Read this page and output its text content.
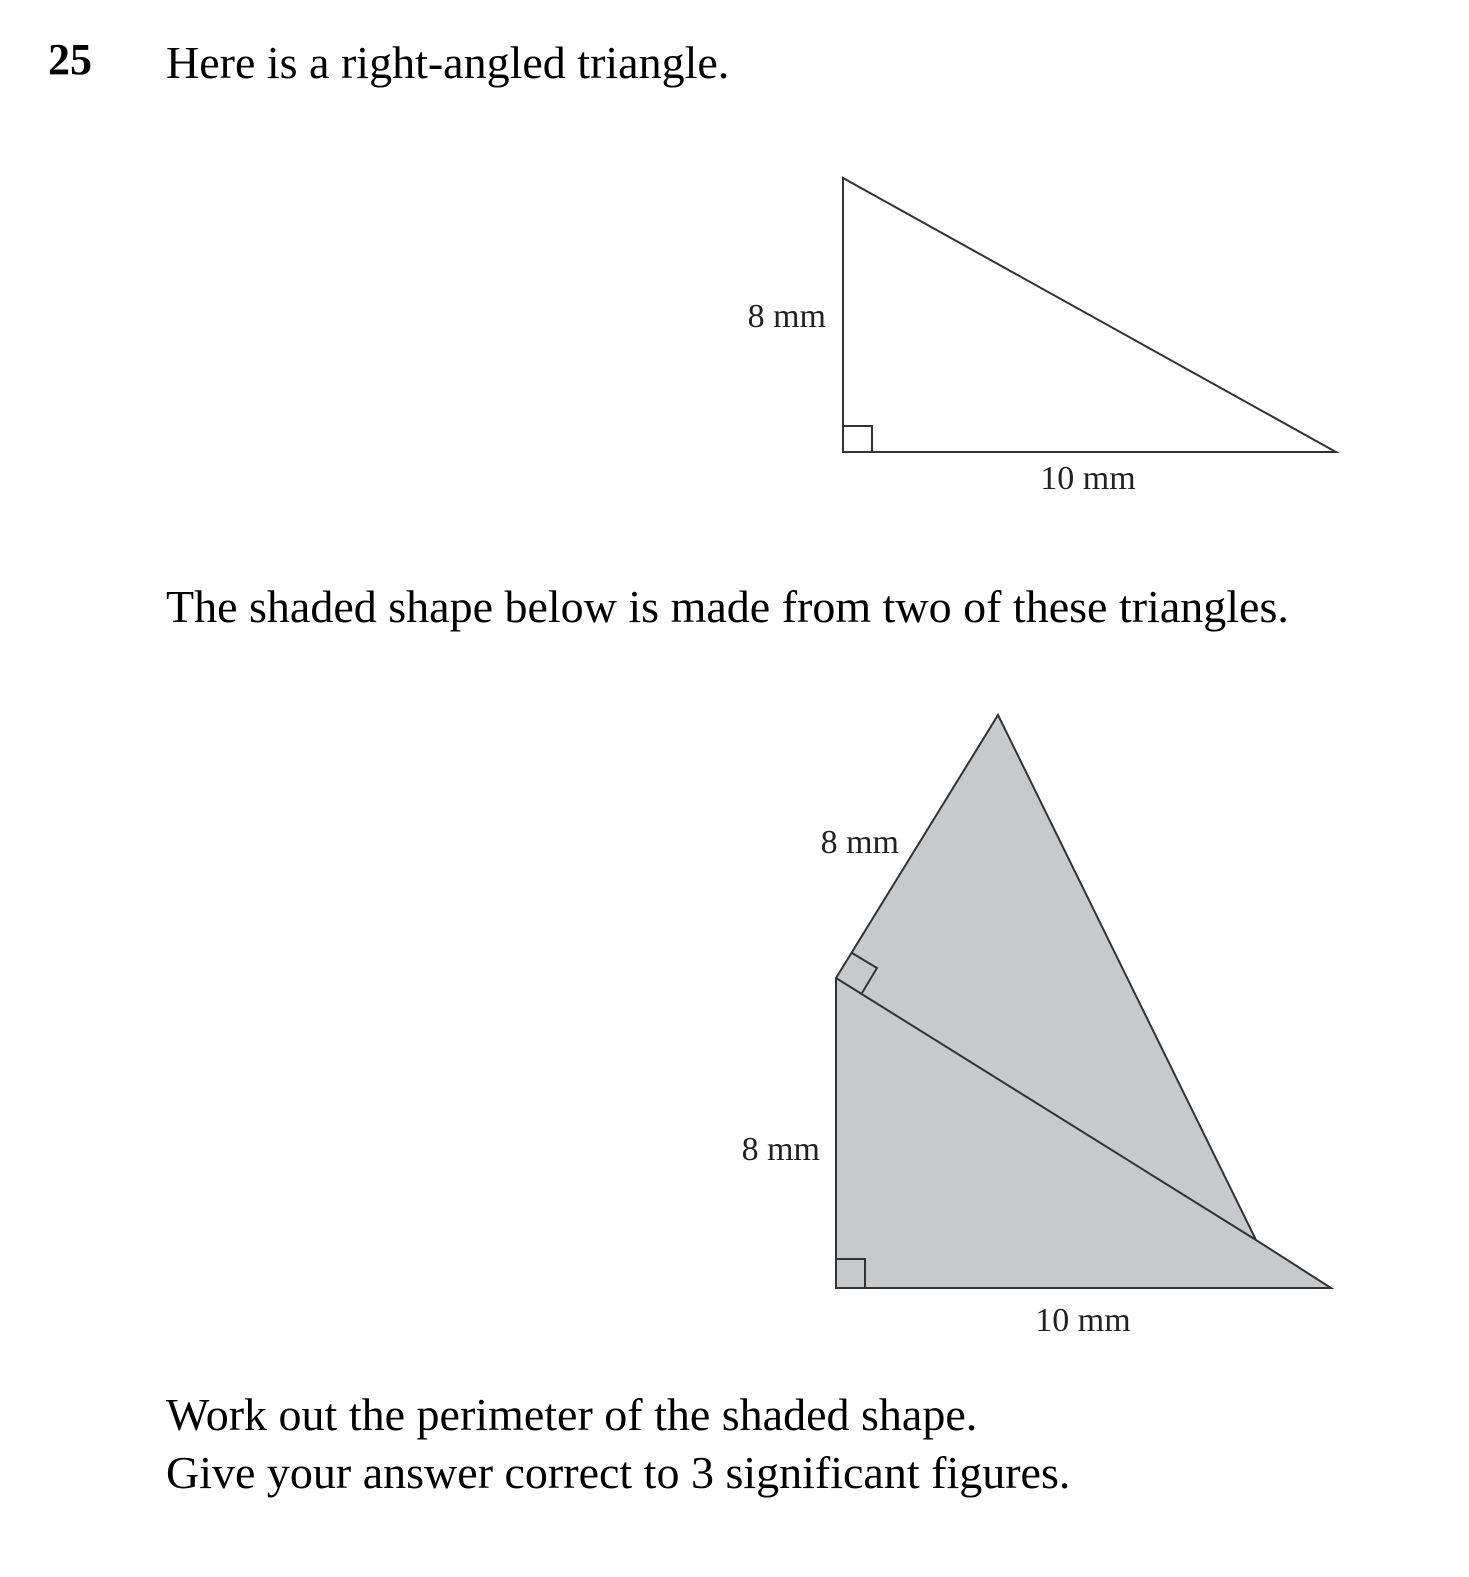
25 Here is a right-angled triangle.
8 mm
10 mm
The shaded shape below is made from two of these triangles.
8 mm
8 mm
10 mm
Work out the perimeter of the shaded shape.
Give your answer correct to 3 significant figures.
